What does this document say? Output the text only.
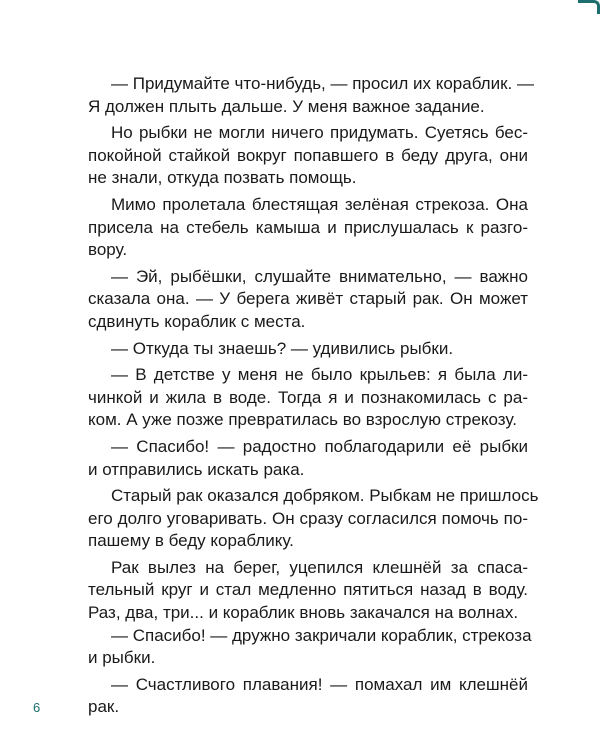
— Придумайте что-нибудь, — просил их кораблик. —
Я должен плыть дальше. У меня важное задание.
Но рыбки не могли ничего придумать. Суетясь бес-
покойной стайкой вокруг попавшего в беду друга, они
не знали, откуда позвать помощь.
Мимо пролетала блестящая зелёная стрекоза. Она
присела на стебель камыша и прислушалась к разго-
вору.
— Эй, рыбёшки, слушайте внимательно, — важно
сказала она. — У берега живёт старый рак. Он может
сдвинуть кораблик с места.
— Откуда ты знаешь? — удивились рыбки.
— В детстве у меня не было крыльев: я была ли-
чинкой и жила в воде. Тогда я и познакомилась с ра-
ком. А уже позже превратилась во взрослую стрекозу.
— Спасибо! — радостно поблагодарили её рыбки
и отправились искать рака.
Старый рак оказался добряком. Рыбкам не пришлось
его долго уговаривать. Он сразу согласился помочь по-
пашему в беду кораблику.
Рак вылез на берег, уцепился клешнёй за спаса-
тельный круг и стал медленно пятиться назад в воду.
Раз, два, три... и кораблик вновь закачался на волнах.
— Спасибо! — дружно закричали кораблик, стрекоза
и рыбки.
— Счастливого плавания! — помахал им клешнёй
рак.
6
